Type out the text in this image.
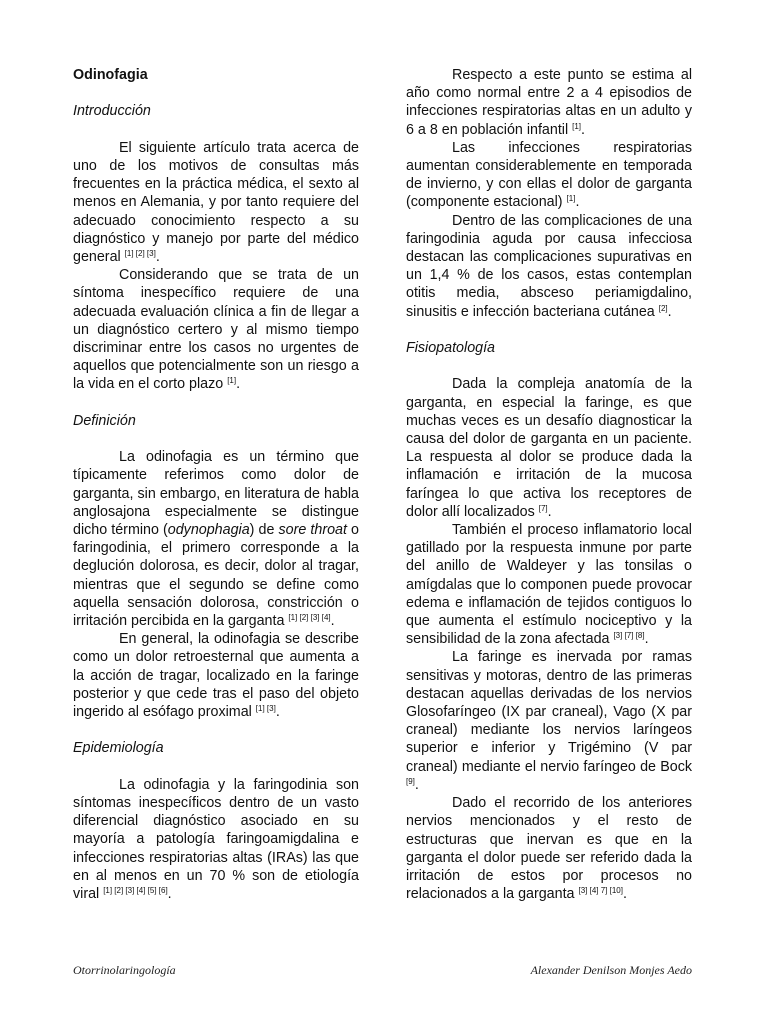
Odinofagia
Introducción

El siguiente artículo trata acerca de uno de los motivos de consultas más frecuentes en la práctica médica, el sexto al menos en Alemania, y por tanto requiere del adecuado conocimiento respecto a su diagnóstico y manejo por parte del médico general [1] [2] [3].

Considerando que se trata de un síntoma inespecífico requiere de una adecuada evaluación clínica a fin de llegar a un diagnóstico certero y al mismo tiempo discriminar entre los casos no urgentes de aquellos que potencialmente son un riesgo a la vida en el corto plazo [1].

Definición

La odinofagia es un término que típicamente referimos como dolor de garganta, sin embargo, en literatura de habla anglosajona especialmente se distingue dicho término (odynophagia) de sore throat o faringodinia, el primero corresponde a la deglución dolorosa, es decir, dolor al tragar, mientras que el segundo se define como aquella sensación dolorosa, constricción o irritación percibida en la garganta [1] [2] [3] [4].

En general, la odinofagia se describe como un dolor retroesternal que aumenta a la acción de tragar, localizado en la faringe posterior y que cede tras el paso del objeto ingerido al esófago proximal [1] [3].

Epidemiología

La odinofagia y la faringodinia son síntomas inespecíficos dentro de un vasto diferencial diagnóstico asociado en su mayoría a patología faringoamigdalina e infecciones respiratorias altas (IRAs) las que en al menos en un 70 % son de etiología viral [1] [2] [3] [4] [5] [6].

Respecto a este punto se estima al año como normal entre 2 a 4 episodios de infecciones respiratorias altas en un adulto y 6 a 8 en población infantil [1].

Las infecciones respiratorias aumentan considerablemente en temporada de invierno, y con ellas el dolor de garganta (componente estacional) [1].

Dentro de las complicaciones de una faringodinia aguda por causa infecciosa destacan las complicaciones supurativas en un 1,4 % de los casos, estas contemplan otitis media, absceso periamigdalino, sinusitis e infección bacteriana cutánea [2].

Fisiopatología

Dada la compleja anatomía de la garganta, en especial la faringe, es que muchas veces es un desafío diagnosticar la causa del dolor de garganta en un paciente. La respuesta al dolor se produce dada la inflamación e irritación de la mucosa faríngea lo que activa los receptores de dolor allí localizados [7].

También el proceso inflamatorio local gatillado por la respuesta inmune por parte del anillo de Waldeyer y las tonsilas o amígdalas que lo componen puede provocar edema e inflamación de tejidos contiguos lo que aumenta el estímulo nociceptivo y la sensibilidad de la zona afectada [3] [7] [8].

La faringe es inervada por ramas sensitivas y motoras, dentro de las primeras destacan aquellas derivadas de los nervios Glosofaríngeo (IX par craneal), Vago (X par craneal) mediante los nervios laríngeos superior e inferior y Trigémino (V par craneal) mediante el nervio faríngeo de Bock [9].

Dado el recorrido de los anteriores nervios mencionados y el resto de estructuras que inervan es que en la garganta el dolor puede ser referido dada la irritación de estos por procesos no relacionados a la garganta [3] [4] 7] [10].

Otorrinolaringología	Alexander Denilson Monjes Aedo
